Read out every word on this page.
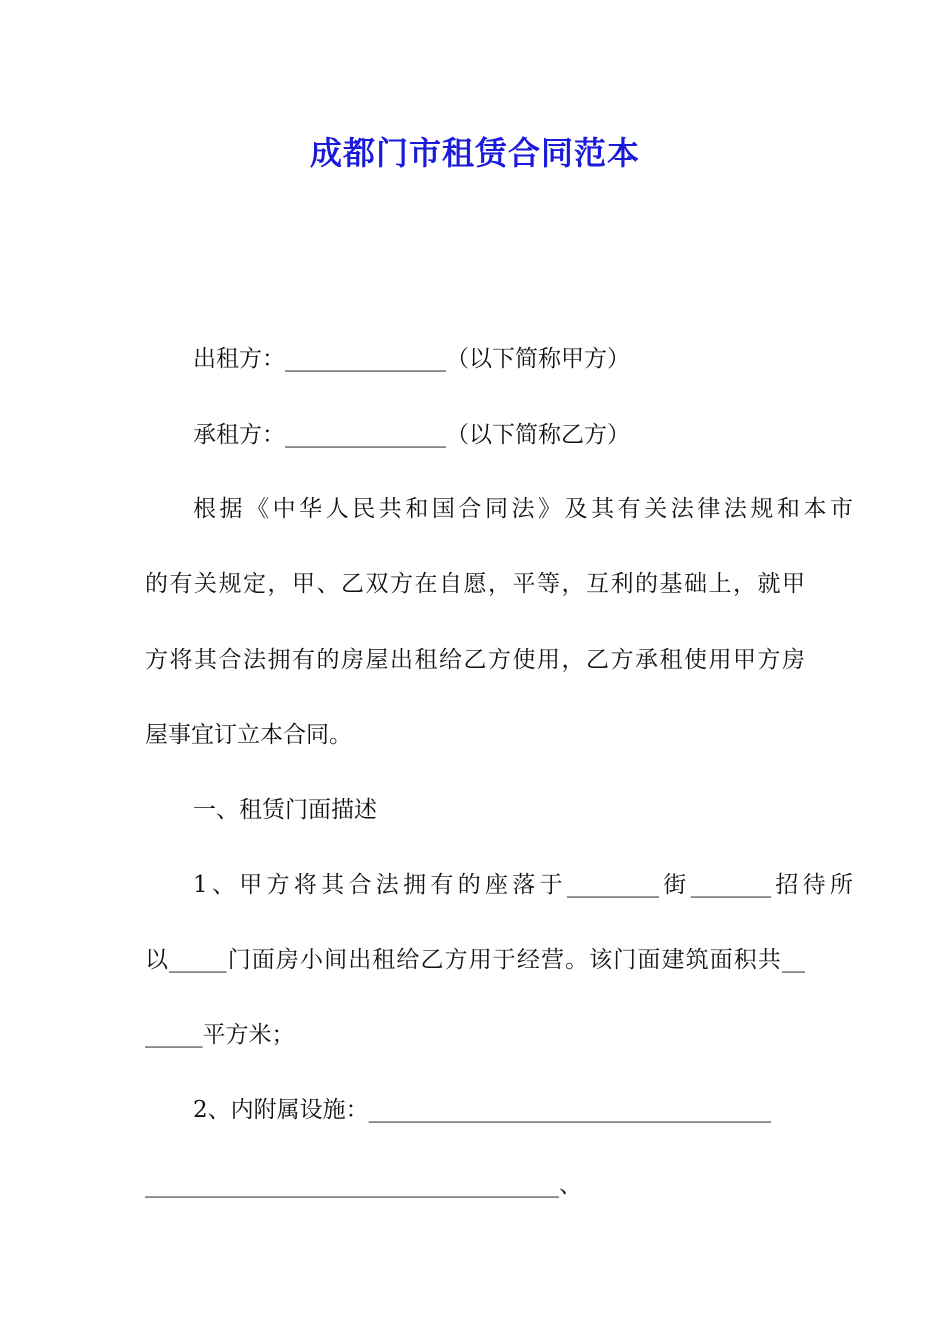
成都门市租赁合同范本
出租方：______________（以下简称甲方）
承租方：______________（以下简称乙方）
根据《中华人民共和国合同法》及其有关法律法规和本市
的有关规定，甲、乙双方在自愿，平等，互利的基础上，就甲
方将其合法拥有的房屋出租给乙方使用，乙方承租使用甲方房
屋事宜订立本合同。
一、租赁门面描述
1、甲方将其合法拥有的座落于________街_______招待所
以_____门面房小间出租给乙方用于经营。该门面建筑面积共__
_____平方米；
2、内附属设施：___________________________________
____________________________________、
